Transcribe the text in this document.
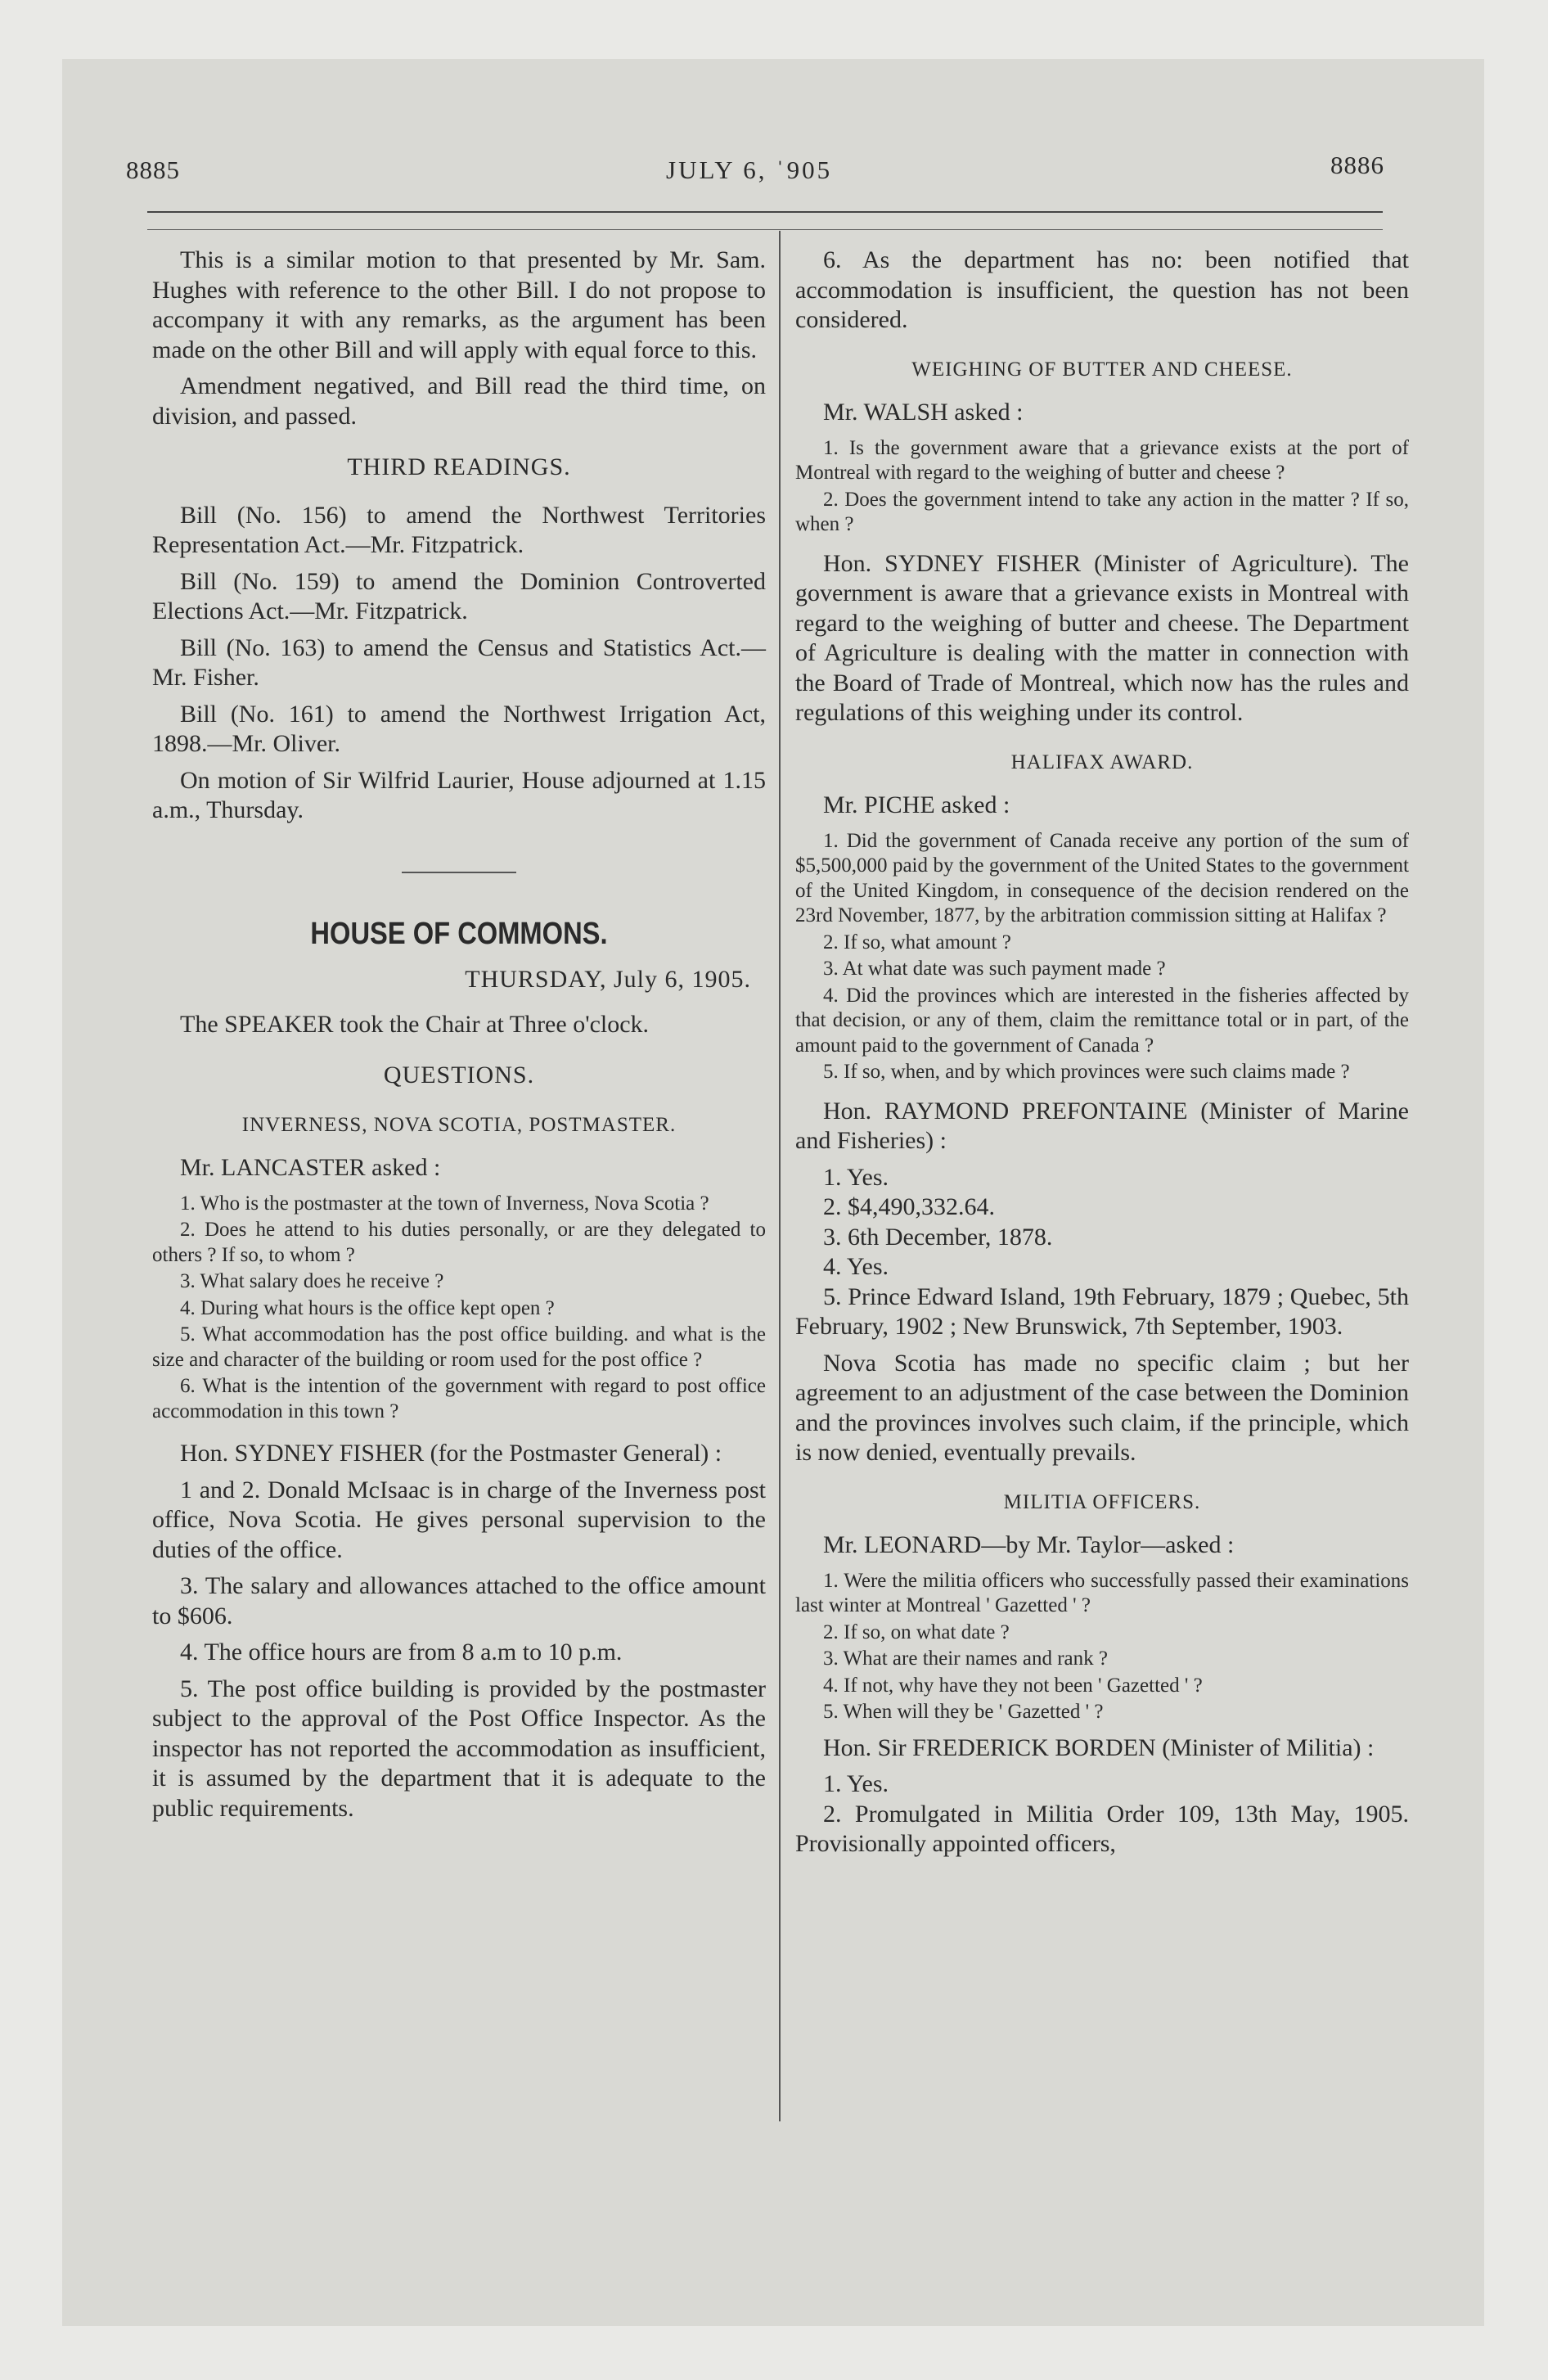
8885	JULY 6, ˈ905	8886

This is a similar motion to that presented by Mr. Sam. Hughes with reference to the other Bill. I do not propose to accompany it with any remarks, as the argument has been made on the other Bill and will apply with equal force to this.

Amendment negatived, and Bill read the third time, on division, and passed.

THIRD READINGS.

Bill (No. 156) to amend the Northwest Territories Representation Act.—Mr. Fitzpatrick.

Bill (No. 159) to amend the Dominion Controverted Elections Act.—Mr. Fitzpatrick.

Bill (No. 163) to amend the Census and Statistics Act.—Mr. Fisher.

Bill (No. 161) to amend the Northwest Irrigation Act, 1898.—Mr. Oliver.

On motion of Sir Wilfrid Laurier, House adjourned at 1.15 a.m., Thursday.

HOUSE OF COMMONS.
THURSDAY, July 6, 1905.

The SPEAKER took the Chair at Three o'clock.

QUESTIONS.
INVERNESS, NOVA SCOTIA, POSTMASTER.

Mr. LANCASTER asked :

1. Who is the postmaster at the town of Inverness, Nova Scotia ?

2. Does he attend to his duties personally, or are they delegated to others ? If so, to whom ?

3. What salary does he receive ?

4. During what hours is the office kept open ?

5. What accommodation has the post office building. and what is the size and character of the building or room used for the post office ?

6. What is the intention of the government with regard to post office accommodation in this town ?

Hon. SYDNEY FISHER (for the Postmaster General) :

1 and 2. Donald McIsaac is in charge of the Inverness post office, Nova Scotia. He gives personal supervision to the duties of the office.

3. The salary and allowances attached to the office amount to $606.

4. The office hours are from 8 a.m to 10 p.m.

5. The post office building is provided by the postmaster subject to the approval of the Post Office Inspector. As the inspector has not reported the accommodation as insufficient, it is assumed by the department that it is adequate to the public requirements.

6. As the department has no: been notified that accommodation is insufficient, the question has not been considered.

WEIGHING OF BUTTER AND CHEESE.

Mr. WALSH asked :

1. Is the government aware that a grievance exists at the port of Montreal with regard to the weighing of butter and cheese ?

2. Does the government intend to take any action in the matter ? If so, when ?

Hon. SYDNEY FISHER (Minister of Agriculture). The government is aware that a grievance exists in Montreal with regard to the weighing of butter and cheese. The Department of Agriculture is dealing with the matter in connection with the Board of Trade of Montreal, which now has the rules and regulations of this weighing under its control.

HALIFAX AWARD.

Mr. PICHE asked :

1. Did the government of Canada receive any portion of the sum of $5,500,000 paid by the government of the United States to the government of the United Kingdom, in consequence of the decision rendered on the 23rd November, 1877, by the arbitration commission sitting at Halifax ?

2. If so, what amount ?

3. At what date was such payment made ?

4. Did the provinces which are interested in the fisheries affected by that decision, or any of them, claim the remittance total or in part, of the amount paid to the government of Canada ?

5. If so, when, and by which provinces were such claims made ?

Hon. RAYMOND PREFONTAINE (Minister of Marine and Fisheries) :

1. Yes.

2. $4,490,332.64.

3. 6th December, 1878.

4. Yes.

5. Prince Edward Island, 19th February, 1879 ; Quebec, 5th February, 1902 ; New Brunswick, 7th September, 1903.

Nova Scotia has made no specific claim ; but her agreement to an adjustment of the case between the Dominion and the provinces involves such claim, if the principle, which is now denied, eventually prevails.

MILITIA OFFICERS.

Mr. LEONARD—by Mr. Taylor—asked :

1. Were the militia officers who successfully passed their examinations last winter at Montreal ' Gazetted ' ?

2. If so, on what date ?

3. What are their names and rank ?

4. If not, why have they not been ' Gazetted ' ?

5. When will they be ' Gazetted ' ?

Hon. Sir FREDERICK BORDEN (Minister of Militia) :

1. Yes.

2. Promulgated in Militia Order 109, 13th May, 1905. Provisionally appointed officers,
